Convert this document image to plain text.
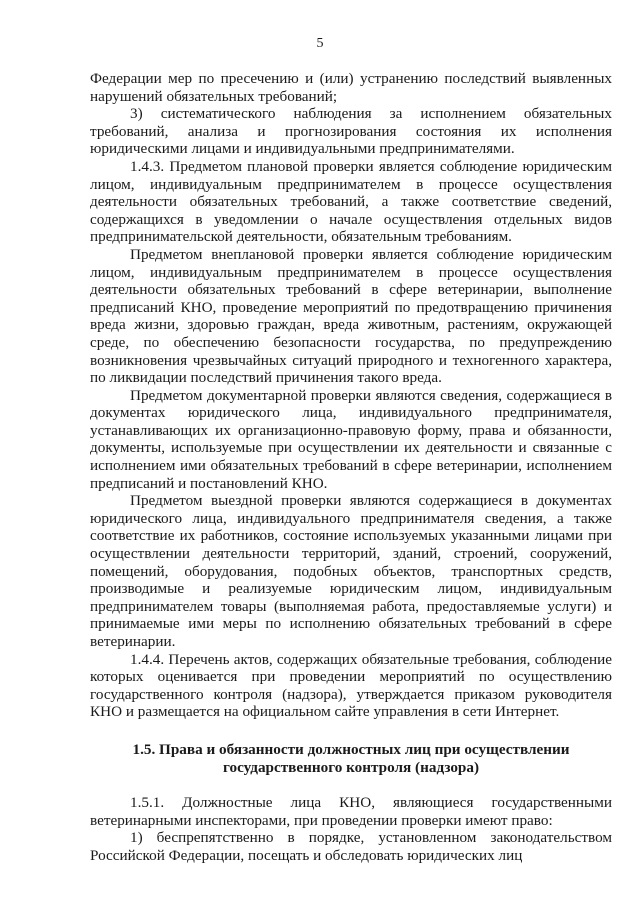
5

Федерации мер по пресечению и (или) устранению последствий выявленных нарушений обязательных требований;

3) систематического наблюдения за исполнением обязательных требований, анализа и прогнозирования состояния их исполнения юридическими лицами и индивидуальными предпринимателями.

1.4.3. Предметом плановой проверки является соблюдение юридическим лицом, индивидуальным предпринимателем в процессе осуществления деятельности обязательных требований, а также соответствие сведений, содержащихся в уведомлении о начале осуществления отдельных видов предпринимательской деятельности, обязательным требованиям.

Предметом внеплановой проверки является соблюдение юридическим лицом, индивидуальным предпринимателем в процессе осуществления деятельности обязательных требований в сфере ветеринарии, выполнение предписаний КНО, проведение мероприятий по предотвращению причинения вреда жизни, здоровью граждан, вреда животным, растениям, окружающей среде, по обеспечению безопасности государства, по предупреждению возникновения чрезвычайных ситуаций природного и техногенного характера, по ликвидации последствий причинения такого вреда.

Предметом документарной проверки являются сведения, содержащиеся в документах юридического лица, индивидуального предпринимателя, устанавливающих их организационно-правовую форму, права и обязанности, документы, используемые при осуществлении их деятельности и связанные с исполнением ими обязательных требований в сфере ветеринарии, исполнением предписаний и постановлений КНО.

Предметом выездной проверки являются содержащиеся в документах юридического лица, индивидуального предпринимателя сведения, а также соответствие их работников, состояние используемых указанными лицами при осуществлении деятельности территорий, зданий, строений, сооружений, помещений, оборудования, подобных объектов, транспортных средств, производимые и реализуемые юридическим лицом, индивидуальным предпринимателем товары (выполняемая работа, предоставляемые услуги) и принимаемые ими меры по исполнению обязательных требований в сфере ветеринарии.

1.4.4. Перечень актов, содержащих обязательные требования, соблюдение которых оценивается при проведении мероприятий по осуществлению государственного контроля (надзора), утверждается приказом руководителя КНО и размещается на официальном сайте управления в сети Интернет.

1.5. Права и обязанности должностных лиц при осуществлении государственного контроля (надзора)

1.5.1. Должностные лица КНО, являющиеся государственными ветеринарными инспекторами, при проведении проверки имеют право:

1) беспрепятственно в порядке, установленном законодательством Российской Федерации, посещать и обследовать юридических лиц
